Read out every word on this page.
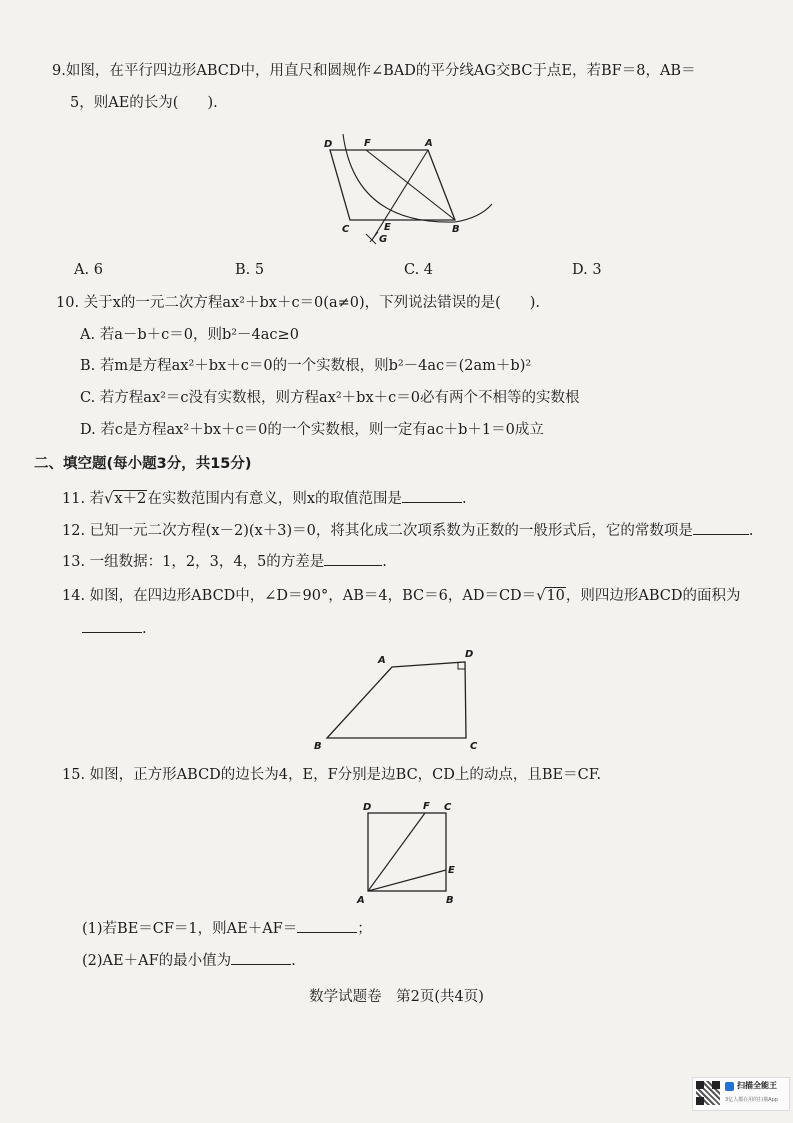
9.如图，在平行四边形ABCD中，用直尺和圆规作∠BAD的平分线AG交BC于点E，若BF＝8，AB＝
5，则AE的长为(　　).
D	F	A
C	E	B
G
A. 6	B. 5	C. 4	D. 3
10. 关于x的一元二次方程ax²＋bx＋c＝0(a≠0)，下列说法错误的是(　　).
A. 若a－b＋c＝0，则b²－4ac≥0
B. 若m是方程ax²＋bx＋c＝0的一个实数根，则b²－4ac＝(2am＋b)²
C. 若方程ax²＝c没有实数根，则方程ax²＋bx＋c＝0必有两个不相等的实数根
D. 若c是方程ax²＋bx＋c＝0的一个实数根，则一定有ac＋b＋1＝0成立
二、填空题(每小题3分，共15分)
11. 若√x＋2在实数范围内有意义，则x的取值范围是	.
12. 已知一元二次方程(x－2)(x＋3)＝0，将其化成二次项系数为正数的一般形式后，它的常数项是	.
13. 一组数据：1，2，3，4，5的方差是	.
14. 如图，在四边形ABCD中，∠D＝90°，AB＝4，BC＝6，AD＝CD＝√10，则四边形ABCD的面积为
.
A
D
B	C
15. 如图，正方形ABCD的边长为4，E，F分别是边BC，CD上的动点，且BE＝CF.
D	F C
E
A	B
(1)若BE＝CF＝1，则AE＋AF＝	；
(2)AE＋AF的最小值为	.
数学试题卷　第2页(共4页)
扫描全能王
3亿人都在用的扫描App
